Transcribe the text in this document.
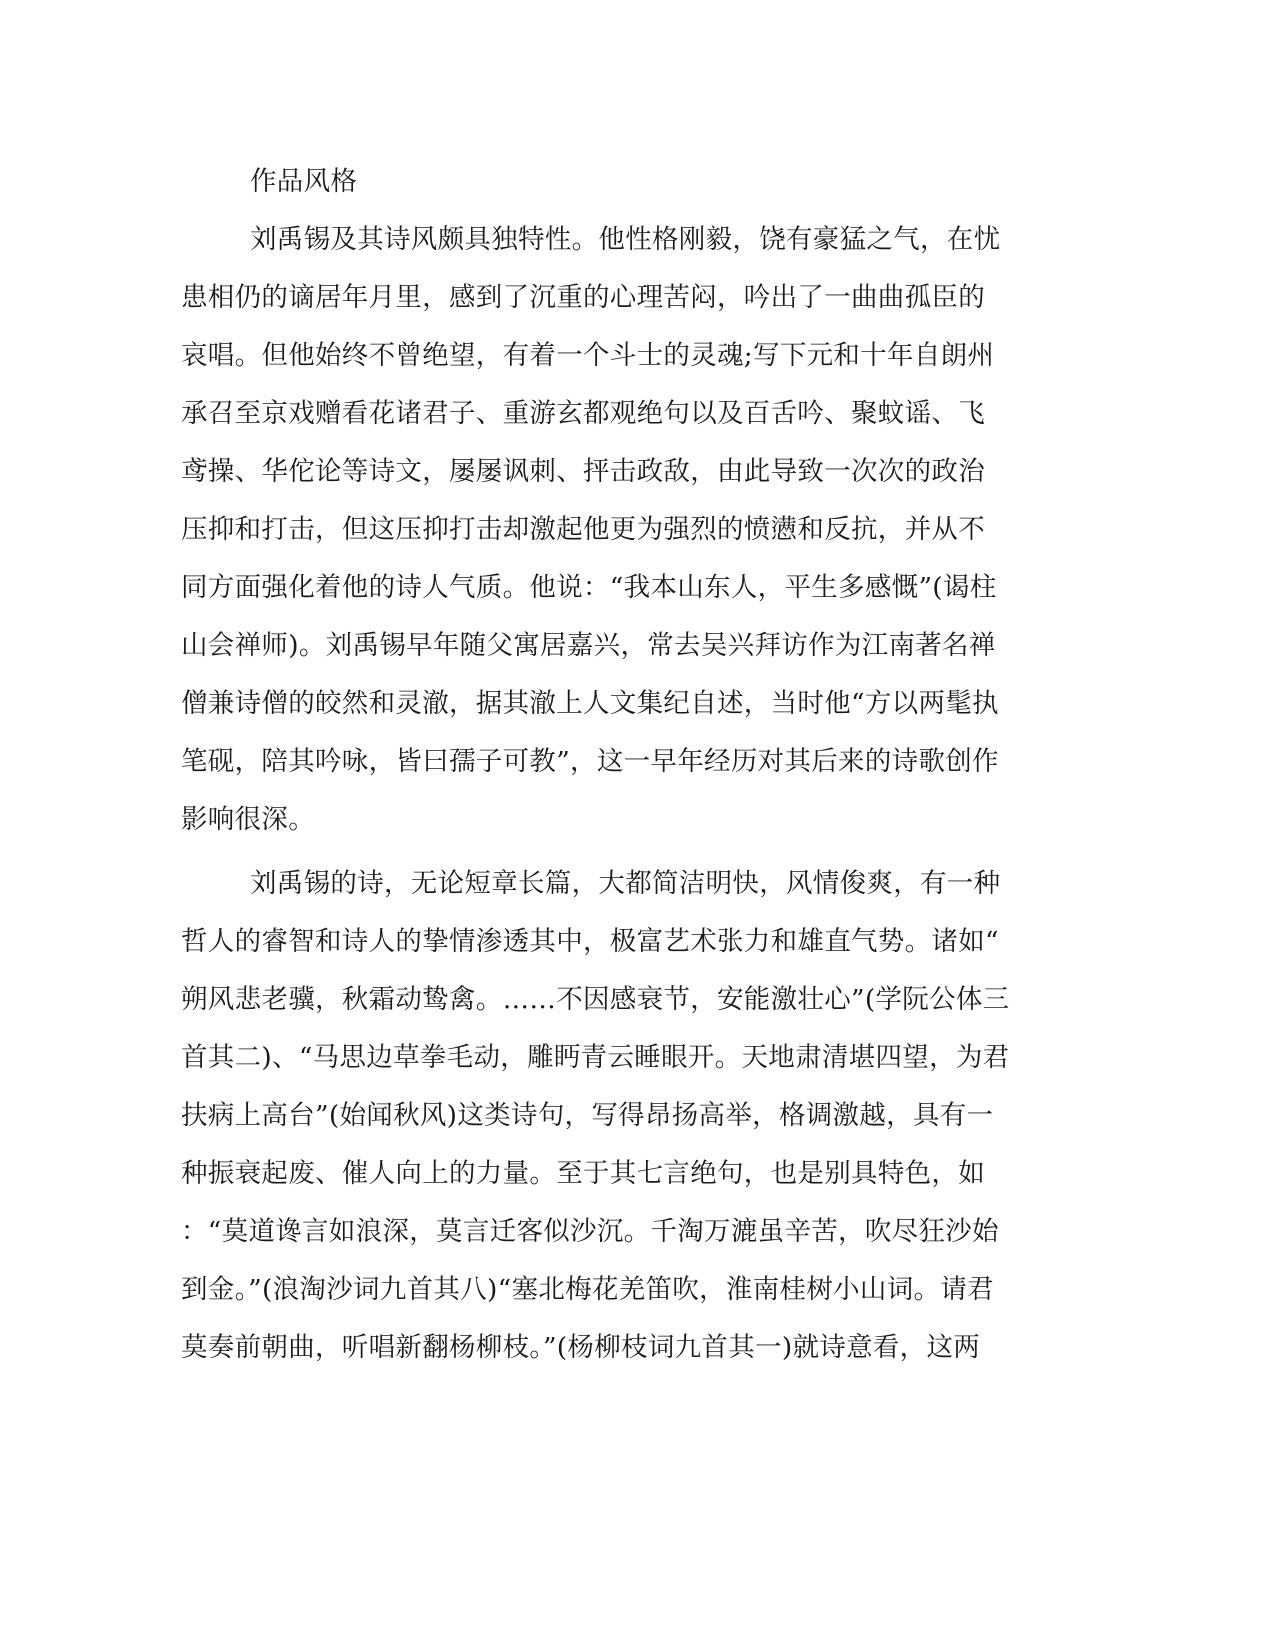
作品风格
刘禹锡及其诗风颇具独特性。他性格刚毅，饶有豪猛之气，在忧
患相仍的谪居年月里，感到了沉重的心理苦闷，吟出了一曲曲孤臣的
哀唱。但他始终不曾绝望，有着一个斗士的灵魂;写下元和十年自朗州
承召至京戏赠看花诸君子、重游玄都观绝句以及百舌吟、聚蚊谣、飞
鸢操、华佗论等诗文，屡屡讽刺、抨击政敌，由此导致一次次的政治
压抑和打击，但这压抑打击却激起他更为强烈的愤懑和反抗，并从不
同方面强化着他的诗人气质。他说：“我本山东人，平生多感慨”(谒柱
山会禅师)。刘禹锡早年随父寓居嘉兴，常去吴兴拜访作为江南著名禅
僧兼诗僧的皎然和灵澈，据其澈上人文集纪自述，当时他“方以两髦执
笔砚，陪其吟咏，皆曰孺子可教”，这一早年经历对其后来的诗歌创作
影响很深。
刘禹锡的诗，无论短章长篇，大都简洁明快，风情俊爽，有一种
哲人的睿智和诗人的挚情渗透其中，极富艺术张力和雄直气势。诸如“
朔风悲老骥，秋霜动鸷禽。……不因感衰节，安能激壮心”(学阮公体三
首其二)、“马思边草拳毛动，雕眄青云睡眼开。天地肃清堪四望，为君
扶病上高台”(始闻秋风)这类诗句，写得昂扬高举，格调激越，具有一
种振衰起废、催人向上的力量。至于其七言绝句，也是别具特色，如
：“莫道谗言如浪深，莫言迁客似沙沉。千淘万漉虽辛苦，吹尽狂沙始
到金。”(浪淘沙词九首其八)“塞北梅花羌笛吹，淮南桂树小山词。请君
莫奏前朝曲，听唱新翻杨柳枝。”(杨柳枝词九首其一)就诗意看，这两
